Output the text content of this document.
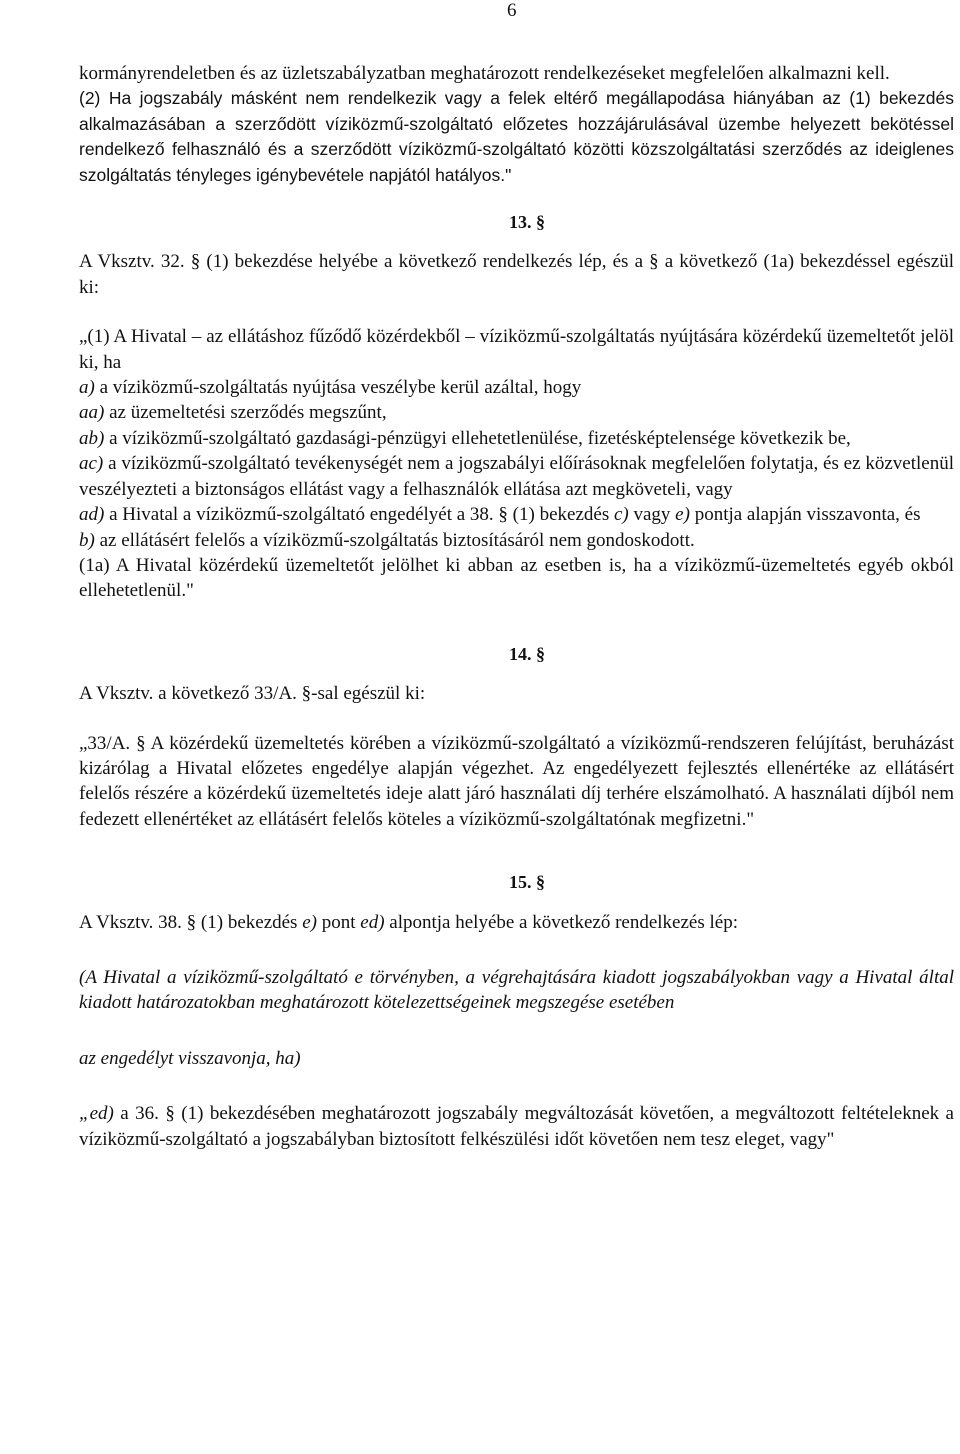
6

kormányrendeletben és az üzletszabályzatban meghatározott rendelkezéseket megfelelően alkalmazni kell.

(2) Ha jogszabály másként nem rendelkezik vagy a felek eltérő megállapodása hiányában az (1) bekezdés alkalmazásában a szerződött víziközmű-szolgáltató előzetes hozzájárulásával üzembe helyezett bekötéssel rendelkező felhasználó és a szerződött víziközmű-szolgáltató közötti közszolgáltatási szerződés az ideiglenes szolgáltatás tényleges igénybevétele napjától hatályos."

13. §

A Vksztv. 32. § (1) bekezdése helyébe a következő rendelkezés lép, és a § a következő (1a) bekezdéssel egészül ki:

„(1) A Hivatal – az ellátáshoz fűződő közérdekből – víziközmű-szolgáltatás nyújtására közérdekű üzemeltetőt jelöl ki, ha

a) a víziközmű-szolgáltatás nyújtása veszélybe kerül azáltal, hogy

aa) az üzemeltetési szerződés megszűnt,

ab) a víziközmű-szolgáltató gazdasági-pénzügyi ellehetetlenülése, fizetésképtelensége következik be,

ac) a víziközmű-szolgáltató tevékenységét nem a jogszabályi előírásoknak megfelelően folytatja, és ez közvetlenül veszélyezteti a biztonságos ellátást vagy a felhasználók ellátása azt megköveteli, vagy

ad) a Hivatal a víziközmű-szolgáltató engedélyét a 38. § (1) bekezdés c) vagy e) pontja alapján visszavonta, és

b) az ellátásért felelős a víziközmű-szolgáltatás biztosításáról nem gondoskodott.

(1a) A Hivatal közérdekű üzemeltetőt jelölhet ki abban az esetben is, ha a víziközmű-üzemeltetés egyéb okból ellehetetlenül."

14. §

A Vksztv. a következő 33/A. §-sal egészül ki:

„33/A. § A közérdekű üzemeltetés körében a víziközmű-szolgáltató a víziközmű-rendszeren felújítást, beruházást kizárólag a Hivatal előzetes engedélye alapján végezhet. Az engedélyezett fejlesztés ellenértéke az ellátásért felelős részére a közérdekű üzemeltetés ideje alatt járó használati díj terhére elszámolható. A használati díjból nem fedezett ellenértéket az ellátásért felelős köteles a víziközmű-szolgáltatónak megfizetni."

15. §

A Vksztv. 38. § (1) bekezdés e) pont ed) alpontja helyébe a következő rendelkezés lép:

(A Hivatal a víziközmű-szolgáltató e törvényben, a végrehajtására kiadott jogszabályokban vagy a Hivatal által kiadott határozatokban meghatározott kötelezettségeinek megszegése esetében

az engedélyt visszavonja, ha)

„ed) a 36. § (1) bekezdésében meghatározott jogszabály megváltozását követően, a megváltozott feltételeknek a víziközmű-szolgáltató a jogszabályban biztosított felkészülési időt követően nem tesz eleget, vagy"
